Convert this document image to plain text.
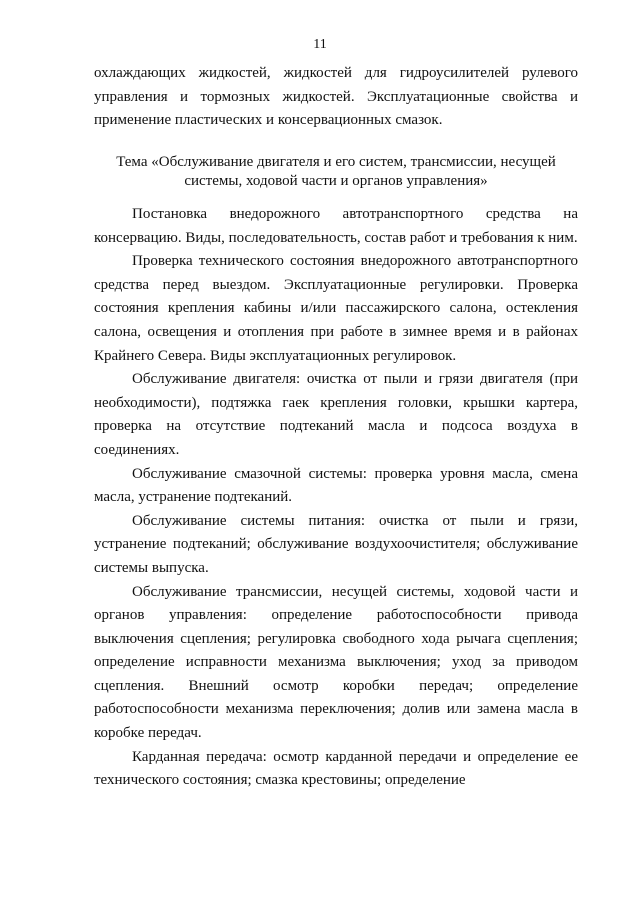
11

охлаждающих жидкостей, жидкостей для гидроусилителей рулевого управления и тормозных жидкостей. Эксплуатационные свойства и применение пластических и консервационных смазок.

Тема «Обслуживание двигателя и его систем, трансмиссии, несущей системы, ходовой части и органов управления»

Постановка внедорожного автотранспортного средства на консервацию. Виды, последовательность, состав работ и требования к ним.

Проверка технического состояния внедорожного автотранспортного средства перед выездом. Эксплуатационные регулировки. Проверка состояния крепления кабины и/или пассажирского салона, остекления салона, освещения и отопления при работе в зимнее время и в районах Крайнего Севера. Виды эксплуатационных регулировок.

Обслуживание двигателя: очистка от пыли и грязи двигателя (при необходимости), подтяжка гаек крепления головки, крышки картера, проверка на отсутствие подтеканий масла и подсоса воздуха в соединениях.

Обслуживание смазочной системы: проверка уровня масла, смена масла, устранение подтеканий.

Обслуживание системы питания: очистка от пыли и грязи, устранение подтеканий; обслуживание воздухоочистителя; обслуживание системы выпуска.

Обслуживание трансмиссии, несущей системы, ходовой части и органов управления: определение работоспособности привода выключения сцепления; регулировка свободного хода рычага сцепления; определение исправности механизма выключения; уход за приводом сцепления. Внешний осмотр коробки передач; определение работоспособности механизма переключения; долив или замена масла в коробке передач.

Карданная передача: осмотр карданной передачи и определение ее технического состояния; смазка крестовины; определение
